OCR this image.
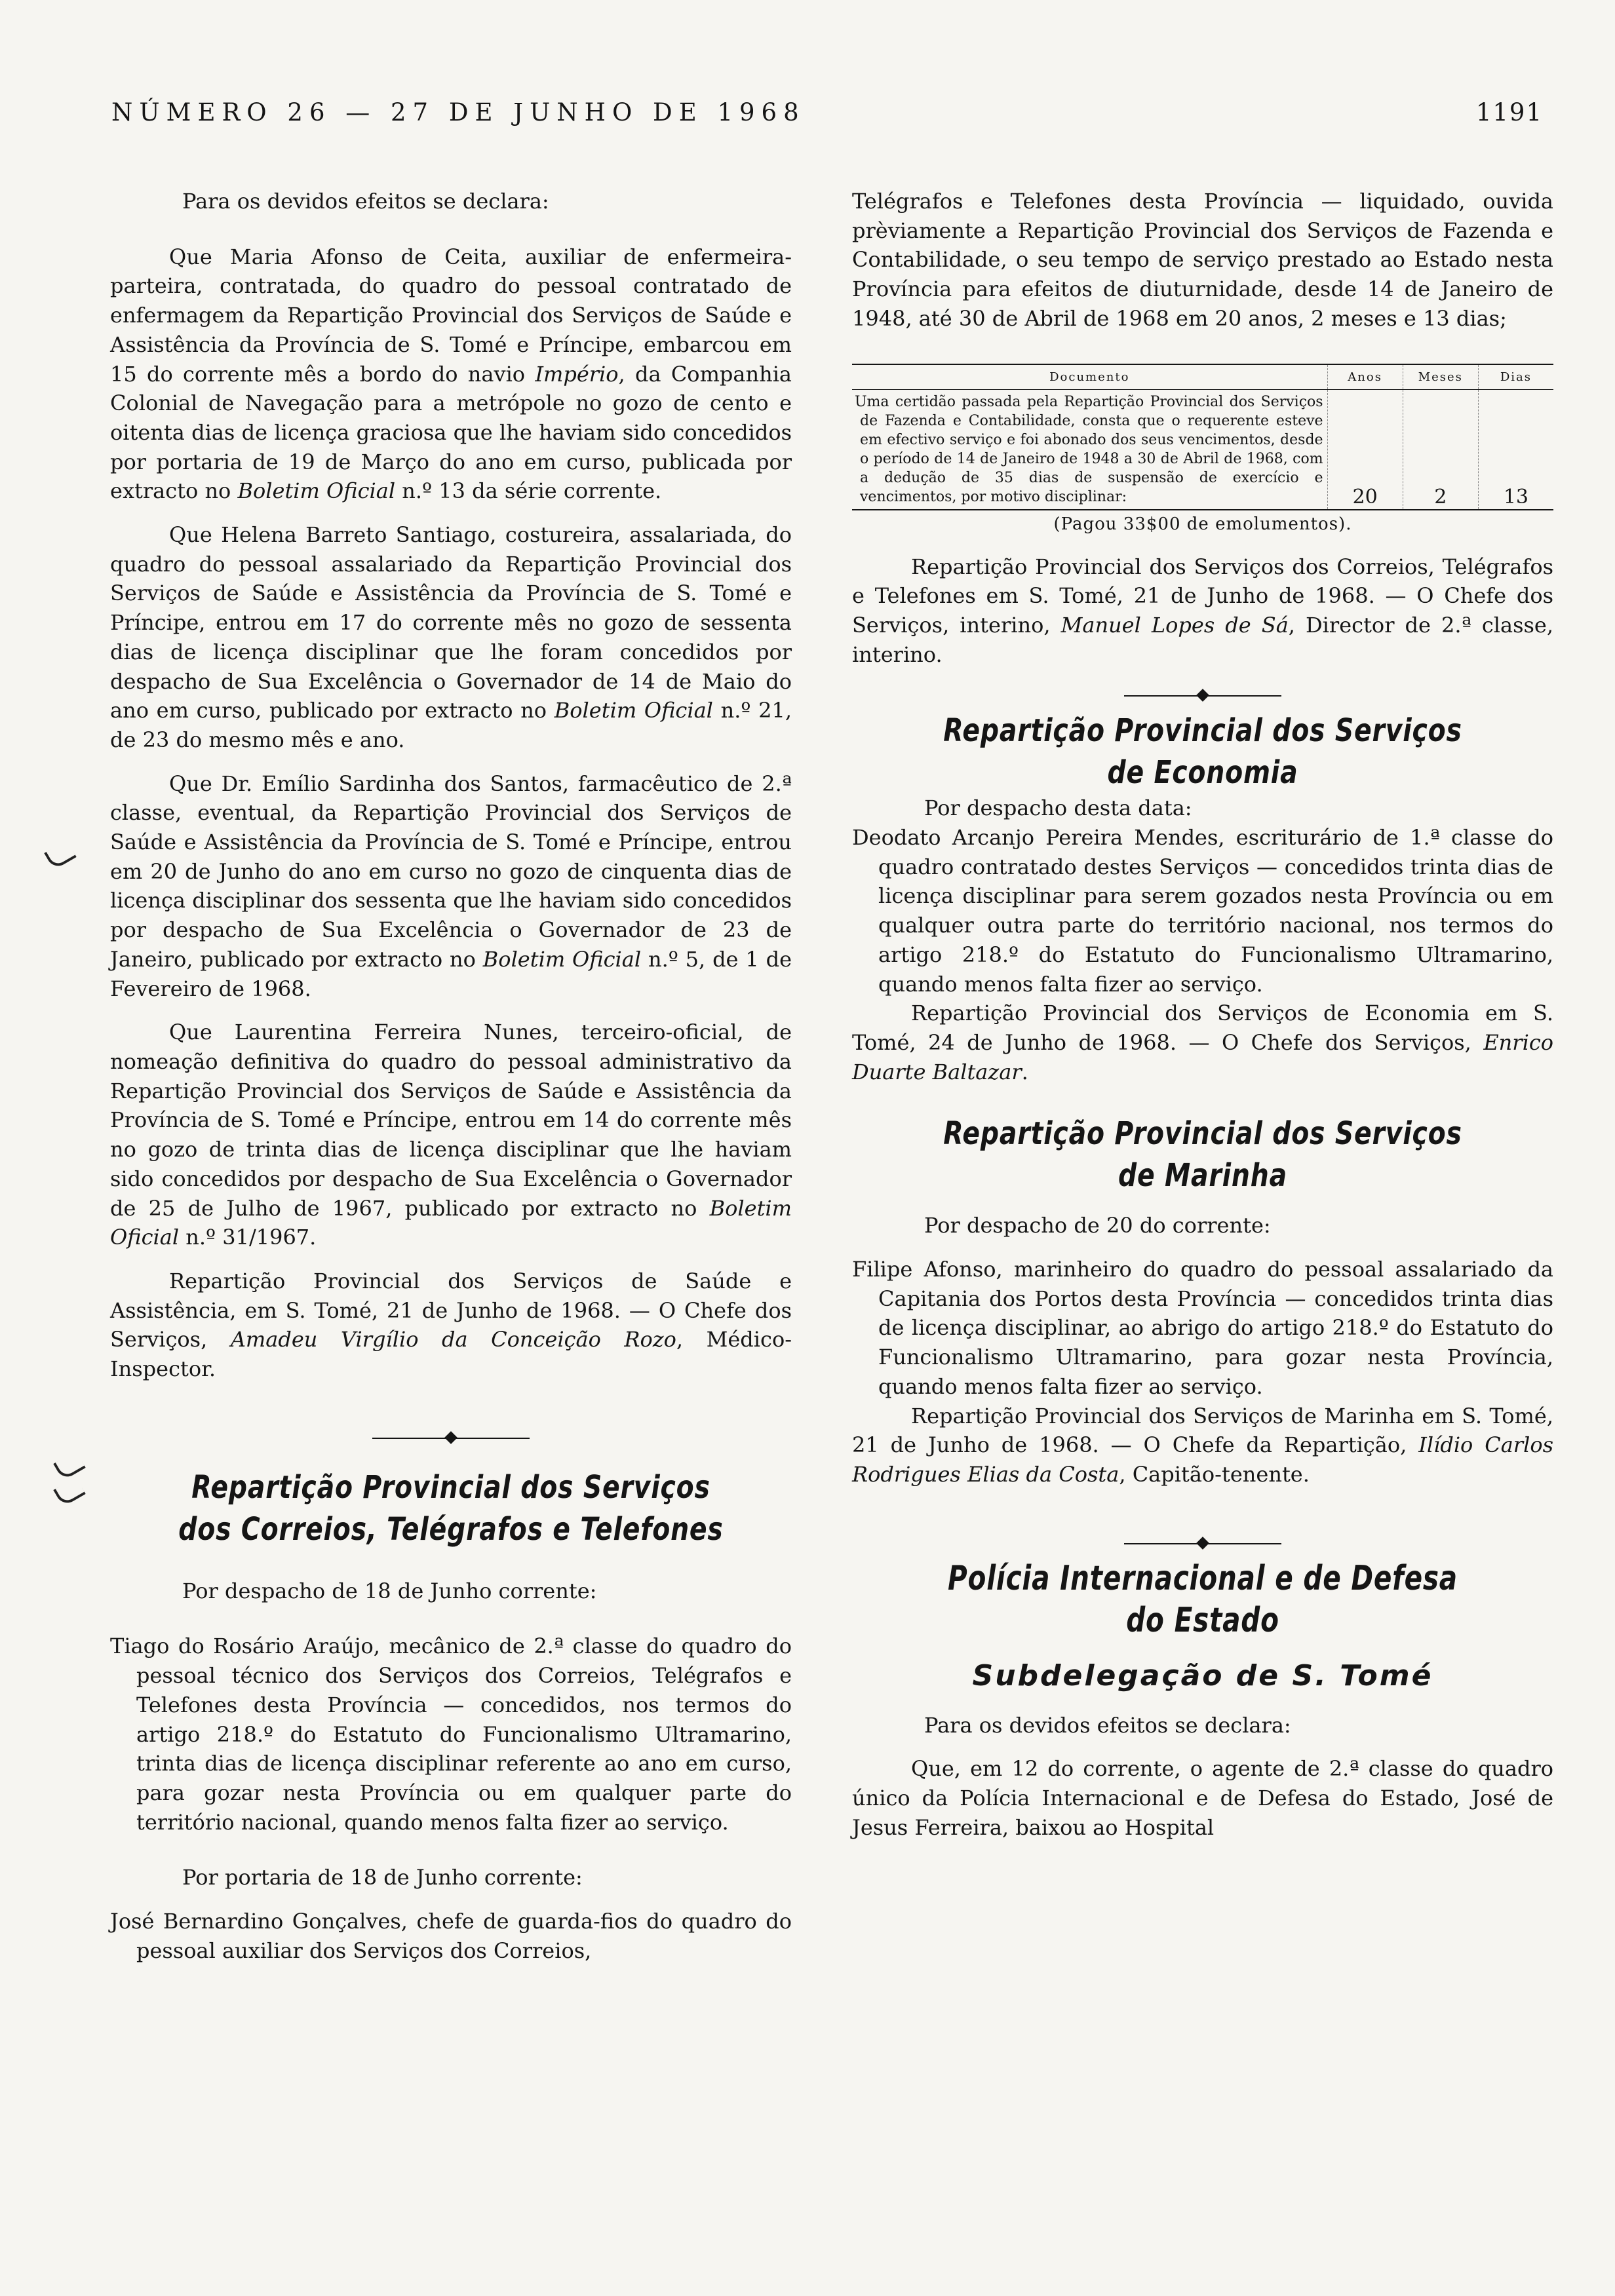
NÚMERO 26 — 27 DE JUNHO DE 1968	1191

Para os devidos efeitos se declara:

Que Maria Afonso de Ceita, auxiliar de enfermeira-parteira, contratada, do quadro do pessoal contratado de enfermagem da Repartição Provincial dos Serviços de Saúde e Assistência da Província de S. Tomé e Príncipe, embarcou em 15 do corrente mês a bordo do navio Império, da Companhia Colonial de Navegação para a metrópole no gozo de cento e oitenta dias de licença graciosa que lhe haviam sido concedidos por portaria de 19 de Março do ano em curso, publicada por extracto no Boletim Oficial n.º 13 da série corrente.

Que Helena Barreto Santiago, costureira, assalariada, do quadro do pessoal assalariado da Repartição Provincial dos Serviços de Saúde e Assistência da Província de S. Tomé e Príncipe, entrou em 17 do corrente mês no gozo de sessenta dias de licença disciplinar que lhe foram concedidos por despacho de Sua Excelência o Governador de 14 de Maio do ano em curso, publicado por extracto no Boletim Oficial n.º 21, de 23 do mesmo mês e ano.

Que Dr. Emílio Sardinha dos Santos, farmacêutico de 2.ª classe, eventual, da Repartição Provincial dos Serviços de Saúde e Assistência da Província de S. Tomé e Príncipe, entrou em 20 de Junho do ano em curso no gozo de cinquenta dias de licença disciplinar dos sessenta que lhe haviam sido concedidos por despacho de Sua Excelência o Governador de 23 de Janeiro, publicado por extracto no Boletim Oficial n.º 5, de 1 de Fevereiro de 1968.

Que Laurentina Ferreira Nunes, terceiro-oficial, de nomeação definitiva do quadro do pessoal administrativo da Repartição Provincial dos Serviços de Saúde e Assistência da Província de S. Tomé e Príncipe, entrou em 14 do corrente mês no gozo de trinta dias de licença disciplinar que lhe haviam sido concedidos por despacho de Sua Excelência o Governador de 25 de Julho de 1967, publicado por extracto no Boletim Oficial n.º 31/1967.

Repartição Provincial dos Serviços de Saúde e Assistência, em S. Tomé, 21 de Junho de 1968. — O Chefe dos Serviços, Amadeu Virgílio da Conceição Rozo, Médico-Inspector.

Repartição Provincial dos Serviços
dos Correios, Telégrafos e Telefones

Por despacho de 18 de Junho corrente:

Tiago do Rosário Araújo, mecânico de 2.ª classe do quadro do pessoal técnico dos Serviços dos Correios, Telégrafos e Telefones desta Província — concedidos, nos termos do artigo 218.º do Estatuto do Funcionalismo Ultramarino, trinta dias de licença disciplinar referente ao ano em curso, para gozar nesta Província ou em qualquer parte do território nacional, quando menos falta fizer ao serviço.

Por portaria de 18 de Junho corrente:

José Bernardino Gonçalves, chefe de guarda-fios do quadro do pessoal auxiliar dos Serviços dos Correios,

Telégrafos e Telefones desta Província — liquidado, ouvida prèviamente a Repartição Provincial dos Serviços de Fazenda e Contabilidade, o seu tempo de serviço prestado ao Estado nesta Província para efeitos de diuturnidade, desde 14 de Janeiro de 1948, até 30 de Abril de 1968 em 20 anos, 2 meses e 13 dias;

Documento	Anos	Meses	Dias
Uma certidão passada pela Repartição Provincial dos Serviços de Fazenda e Contabilidade, consta que o requerente esteve em efectivo serviço e foi abonado dos seus vencimentos, desde o período de 14 de Janeiro de 1948 a 30 de Abril de 1968, com a dedução de 35 dias de suspensão de exercício e vencimentos, por motivo disciplinar:	20	2	13
(Pagou 33$00 de emolumentos).

Repartição Provincial dos Serviços dos Correios, Telégrafos e Telefones em S. Tomé, 21 de Junho de 1968. — O Chefe dos Serviços, interino, Manuel Lopes de Sá, Director de 2.ª classe, interino.

Repartição Provincial dos Serviços
de Economia

Por despacho desta data:

Deodato Arcanjo Pereira Mendes, escriturário de 1.ª classe do quadro contratado destes Serviços — concedidos trinta dias de licença disciplinar para serem gozados nesta Província ou em qualquer outra parte do território nacional, nos termos do artigo 218.º do Estatuto do Funcionalismo Ultramarino, quando menos falta fizer ao serviço.

Repartição Provincial dos Serviços de Economia em S. Tomé, 24 de Junho de 1968. — O Chefe dos Serviços, Enrico Duarte Baltazar.

Repartição Provincial dos Serviços
de Marinha

Por despacho de 20 do corrente:

Filipe Afonso, marinheiro do quadro do pessoal assalariado da Capitania dos Portos desta Província — concedidos trinta dias de licença disciplinar, ao abrigo do artigo 218.º do Estatuto do Funcionalismo Ultramarino, para gozar nesta Província, quando menos falta fizer ao serviço.

Repartição Provincial dos Serviços de Marinha em S. Tomé, 21 de Junho de 1968. — O Chefe da Repartição, Ilídio Carlos Rodrigues Elias da Costa, Capitão-tenente.

Polícia Internacional e de Defesa do Estado
Subdelegação de S. Tomé

Para os devidos efeitos se declara:

Que, em 12 do corrente, o agente de 2.ª classe do quadro único da Polícia Internacional e de Defesa do Estado, José de Jesus Ferreira, baixou ao Hospital
